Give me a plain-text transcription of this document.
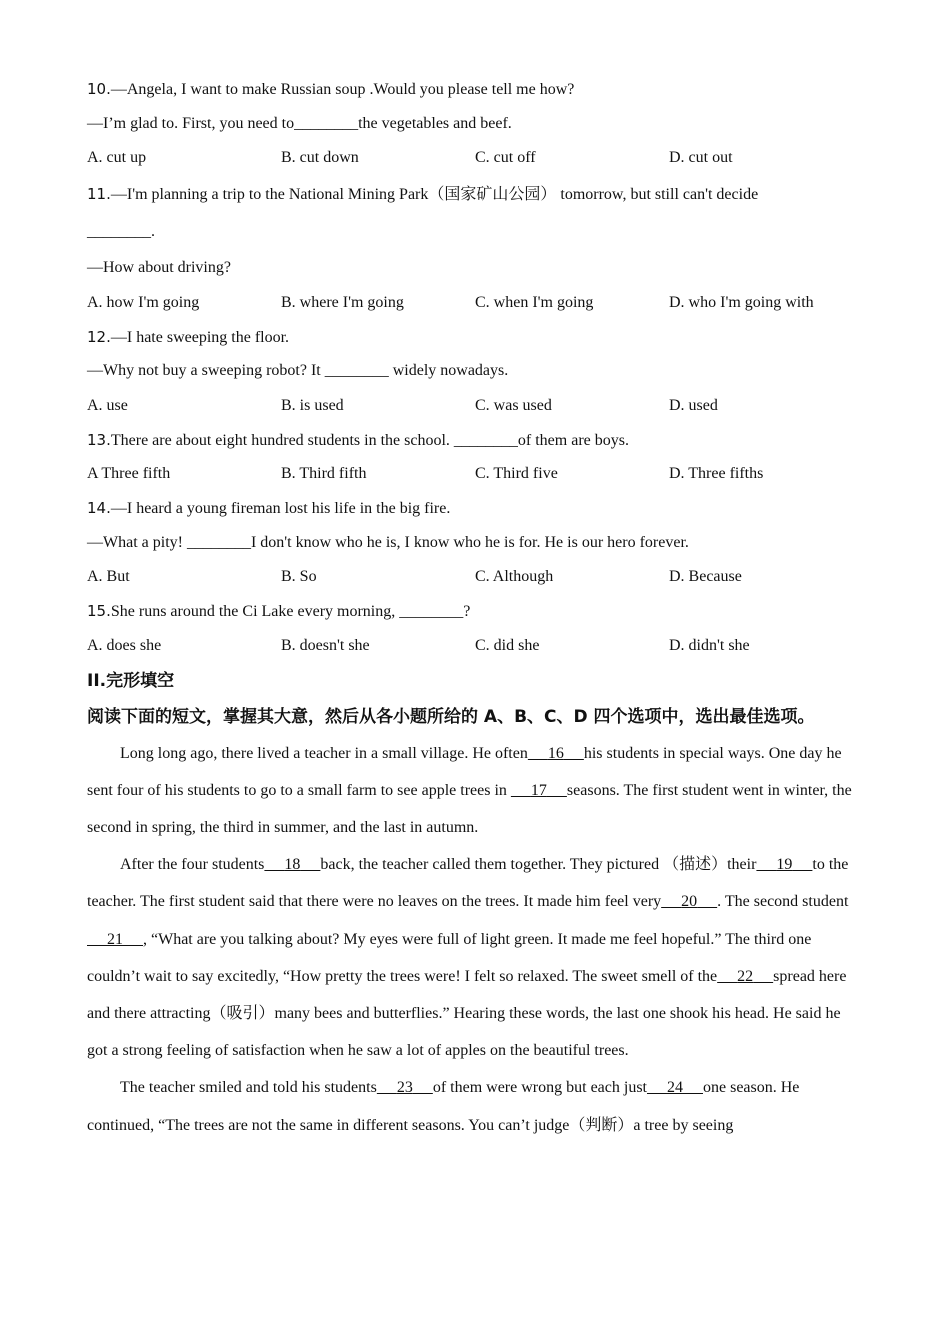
10.—Angela, I want to make Russian soup .Would you please tell me how?
—I’m glad to. First, you need to________the vegetables and beef.
A. cut up	B. cut down	C. cut off	D. cut out
11.—I'm planning a trip to the National Mining Park（国家矿山公园） tomorrow, but still can't decide
________.
—How about driving?
A. how I'm going	B. where I'm going	C. when I'm going	D. who I'm going with
12.—I hate sweeping the floor.
—Why not buy a sweeping robot? It ________ widely nowadays.
A. use	B. is used	C. was used	D. used
13.There are about eight hundred students in the school. ________of them are boys.
A Three fifth	B. Third fifth	C. Third five	D. Three fifths
14.—I heard a young fireman lost his life in the big fire.
—What a pity! ________I don't know who he is, I know who he is for. He is our hero forever.
A. But	B. So	C. Although	D. Because
15.She runs around the Ci Lake every morning, ________?
A. does she	B. doesn't she	C. did she	D. didn't she
II.完形填空
阅读下面的短文，掌握其大意，然后从各小题所给的 A、B、C、D 四个选项中，选出最佳选项。

Long long ago, there lived a teacher in a small village. He often 16 his students in special ways. One day he sent four of his students to go to a small farm to see apple trees in      17 seasons. The first student went in winter, the second in spring, the third in summer, and the last in autumn.

After the four students 18 back, the teacher called them together. They pictured （描述）their 19 to the teacher. The first student said that there were no leaves on the trees. It made him feel very 20 . The second student     21 , “What are you talking about? My eyes were full of light green. It made me feel hopeful.” The third one couldn’t wait to say excitedly, “How pretty the trees were! I felt so relaxed. The sweet smell of the 22 spread here and there attracting（吸引）many bees and butterflies.” Hearing these words, the last one shook his head. He said he got a strong feeling of satisfaction when he saw a lot of apples on the beautiful trees.

The teacher smiled and told his students 23 of them were wrong but each just 24 one season. He continued, “The trees are not the same in different seasons. You can’t judge（判断）a tree by seeing
